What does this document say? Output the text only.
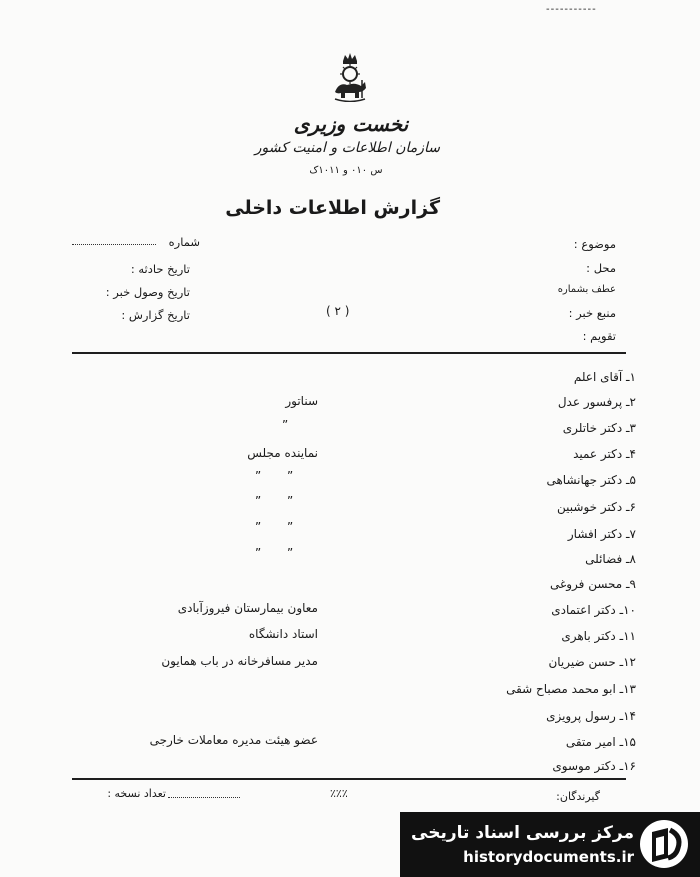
-----------
نخست وزیری
سازمان اطلاعات و امنیت کشور
س ۰۱۰ و ۱۰۱۱ک
گزارش اطلاعات داخلی
موضوع :
محل :
عطف بشماره
منبع خبر :
( ۲ )
تقویم :
شماره
تاریخ حادثه :
تاریخ وصول خبر :
تاریخ گزارش :
۱ـ آقای اعلم
۲ـ پرفسور عدل
۳ـ دکتر خاتلری
۴ـ دکتر عمید
۵ـ دکتر جهانشاهی
۶ـ دکتر خوشبین
۷ـ دکتر افشار
۸ـ فضائلی
۹ـ محسن فروغی
۱۰ـ دکتر اعتمادی
۱۱ـ دکتر باهری
۱۲ـ حسن ضیریان
۱۳ـ ابو محمد مصباح شقی
۱۴ـ رسول پرویزی
۱۵ـ امیر متقی
۱۶ـ دکتر موسوی
سناتور
”
نماینده مجلس
” ”
” ”
” ”
” ”
معاون بیمارستان فیروزآبادی
استاد دانشگاه
مدیر مسافرخانه در باب همایون
عضو هیئت مدیره معاملات خارجی
گیرندگان:
٪٪٪
تعداد نسخه :
مرکز بررسی اسناد تاریخی
historydocuments.ir
